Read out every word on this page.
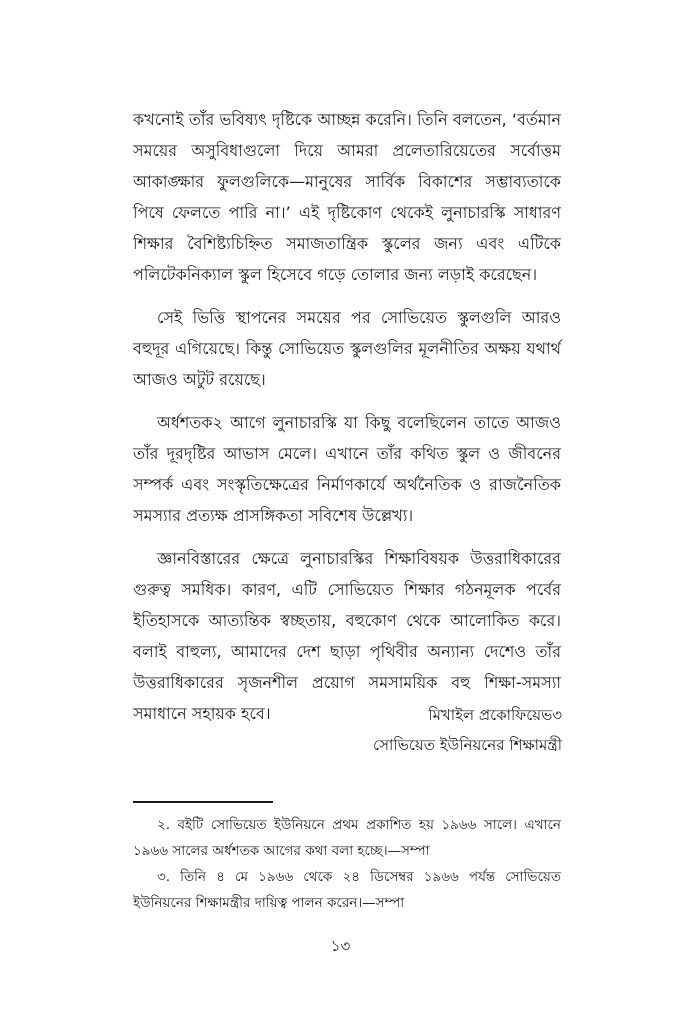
কখনোই তাঁর ভবিষ্যৎ দৃষ্টিকে আচ্ছন্ন করেনি। তিনি বলতেন, ‘বর্তমান সময়ের অসুবিধাগুলো দিয়ে আমরা প্রলেতারিয়েতের সর্বোত্তম আকাঙ্ক্ষার ফুলগুলিকে—মানুষের সার্বিক বিকাশের সম্ভাব্যতাকে পিষে ফেলতে পারি না।’ এই দৃষ্টিকোণ থেকেই লুনাচারস্কি সাধারণ শিক্ষার বৈশিষ্ট্যচিহ্নিত সমাজতান্ত্রিক স্কুলের জন্য এবং এটিকে পলিটেকনিক্যাল স্কুল হিসেবে গড়ে তোলার জন্য লড়াই করেছেন।

সেই ভিত্তি স্থাপনের সময়ের পর সোভিয়েত স্কুলগুলি আরও বহুদূর এগিয়েছে। কিন্তু সোভিয়েত স্কুলগুলির মূলনীতির অক্ষয় যথার্থ আজও অটুট রয়েছে।

অর্ধশতক২ আগে লুনাচারস্কি যা কিছু বলেছিলেন তাতে আজও তাঁর দূরদৃষ্টির আভাস মেলে। এখানে তাঁর কথিত স্কুল ও জীবনের সম্পর্ক এবং সংস্কৃতিক্ষেত্রের নির্মাণকার্যে অর্থনৈতিক ও রাজনৈতিক সমস্যার প্রত্যক্ষ প্রাসঙ্গিকতা সবিশেষ উল্লেখ্য।

জ্ঞানবিস্তারের ক্ষেত্রে লুনাচারস্কির শিক্ষাবিষয়ক উত্তরাধিকারের গুরুত্ব সমধিক। কারণ, এটি সোভিয়েত শিক্ষার গঠনমূলক পর্বের ইতিহাসকে আত্যন্তিক স্বচ্ছতায়, বহুকোণ থেকে আলোকিত করে। বলাই বাহুল্য, আমাদের দেশ ছাড়া পৃথিবীর অন্যান্য দেশেও তাঁর উত্তরাধিকারের সৃজনশীল প্রয়োগ সমসাময়িক বহু শিক্ষা-সমস্যা সমাধানে সহায়ক হবে।	মিখাইল প্রকোফিয়েভ৩
সোভিয়েত ইউনিয়নের শিক্ষামন্ত্রী

২. বইটি সোভিয়েত ইউনিয়নে প্রথম প্রকাশিত হয় ১৯৬৬ সালে। এখানে ১৯৬৬ সালের অর্ধশতক আগের কথা বলা হচ্ছে।—সম্পা

৩. তিনি ৪ মে ১৯৬৬ থেকে ২৪ ডিসেম্বর ১৯৬৬ পর্যন্ত সোভিয়েত ইউনিয়নের শিক্ষামন্ত্রীর দায়িত্ব পালন করেন।—সম্পা

১৩
